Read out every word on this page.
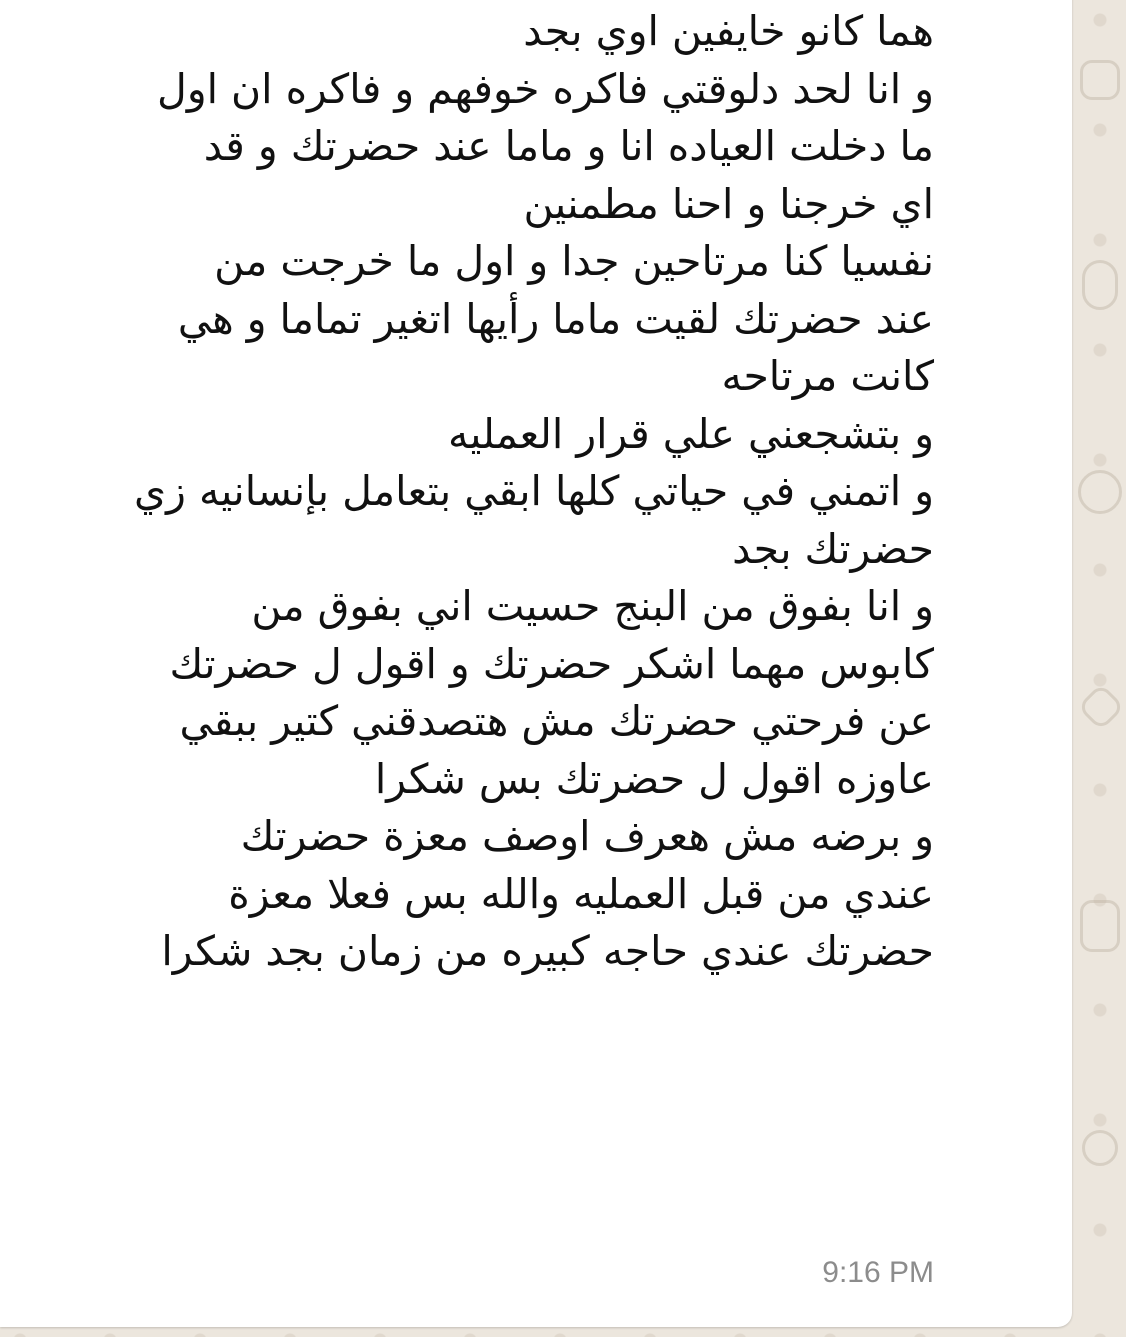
هما كانو خايفين اوي بجد
و انا لحد دلوقتي فاكره خوفهم و فاكره ان اول
ما دخلت العياده انا و ماما عند حضرتك و قد
اي خرجنا و احنا مطمنين
نفسيا كنا مرتاحين جدا و اول ما خرجت من
عند حضرتك لقيت ماما رأيها اتغير تماما و هي
كانت مرتاحه
و بتشجعني علي قرار العمليه
و اتمني في حياتي كلها ابقي بتعامل بإنسانيه زي
حضرتك بجد
و انا بفوق من البنج حسيت اني بفوق من
كابوس مهما اشكر حضرتك و اقول ل حضرتك
عن فرحتي حضرتك مش هتصدقني كتير ببقي
عاوزه اقول ل حضرتك بس شكرا
و برضه مش هعرف اوصف معزة حضرتك
عندي من قبل العمليه والله بس فعلا معزة
حضرتك عندي حاجه كبيره من زمان بجد شكرا
9:16 PM
